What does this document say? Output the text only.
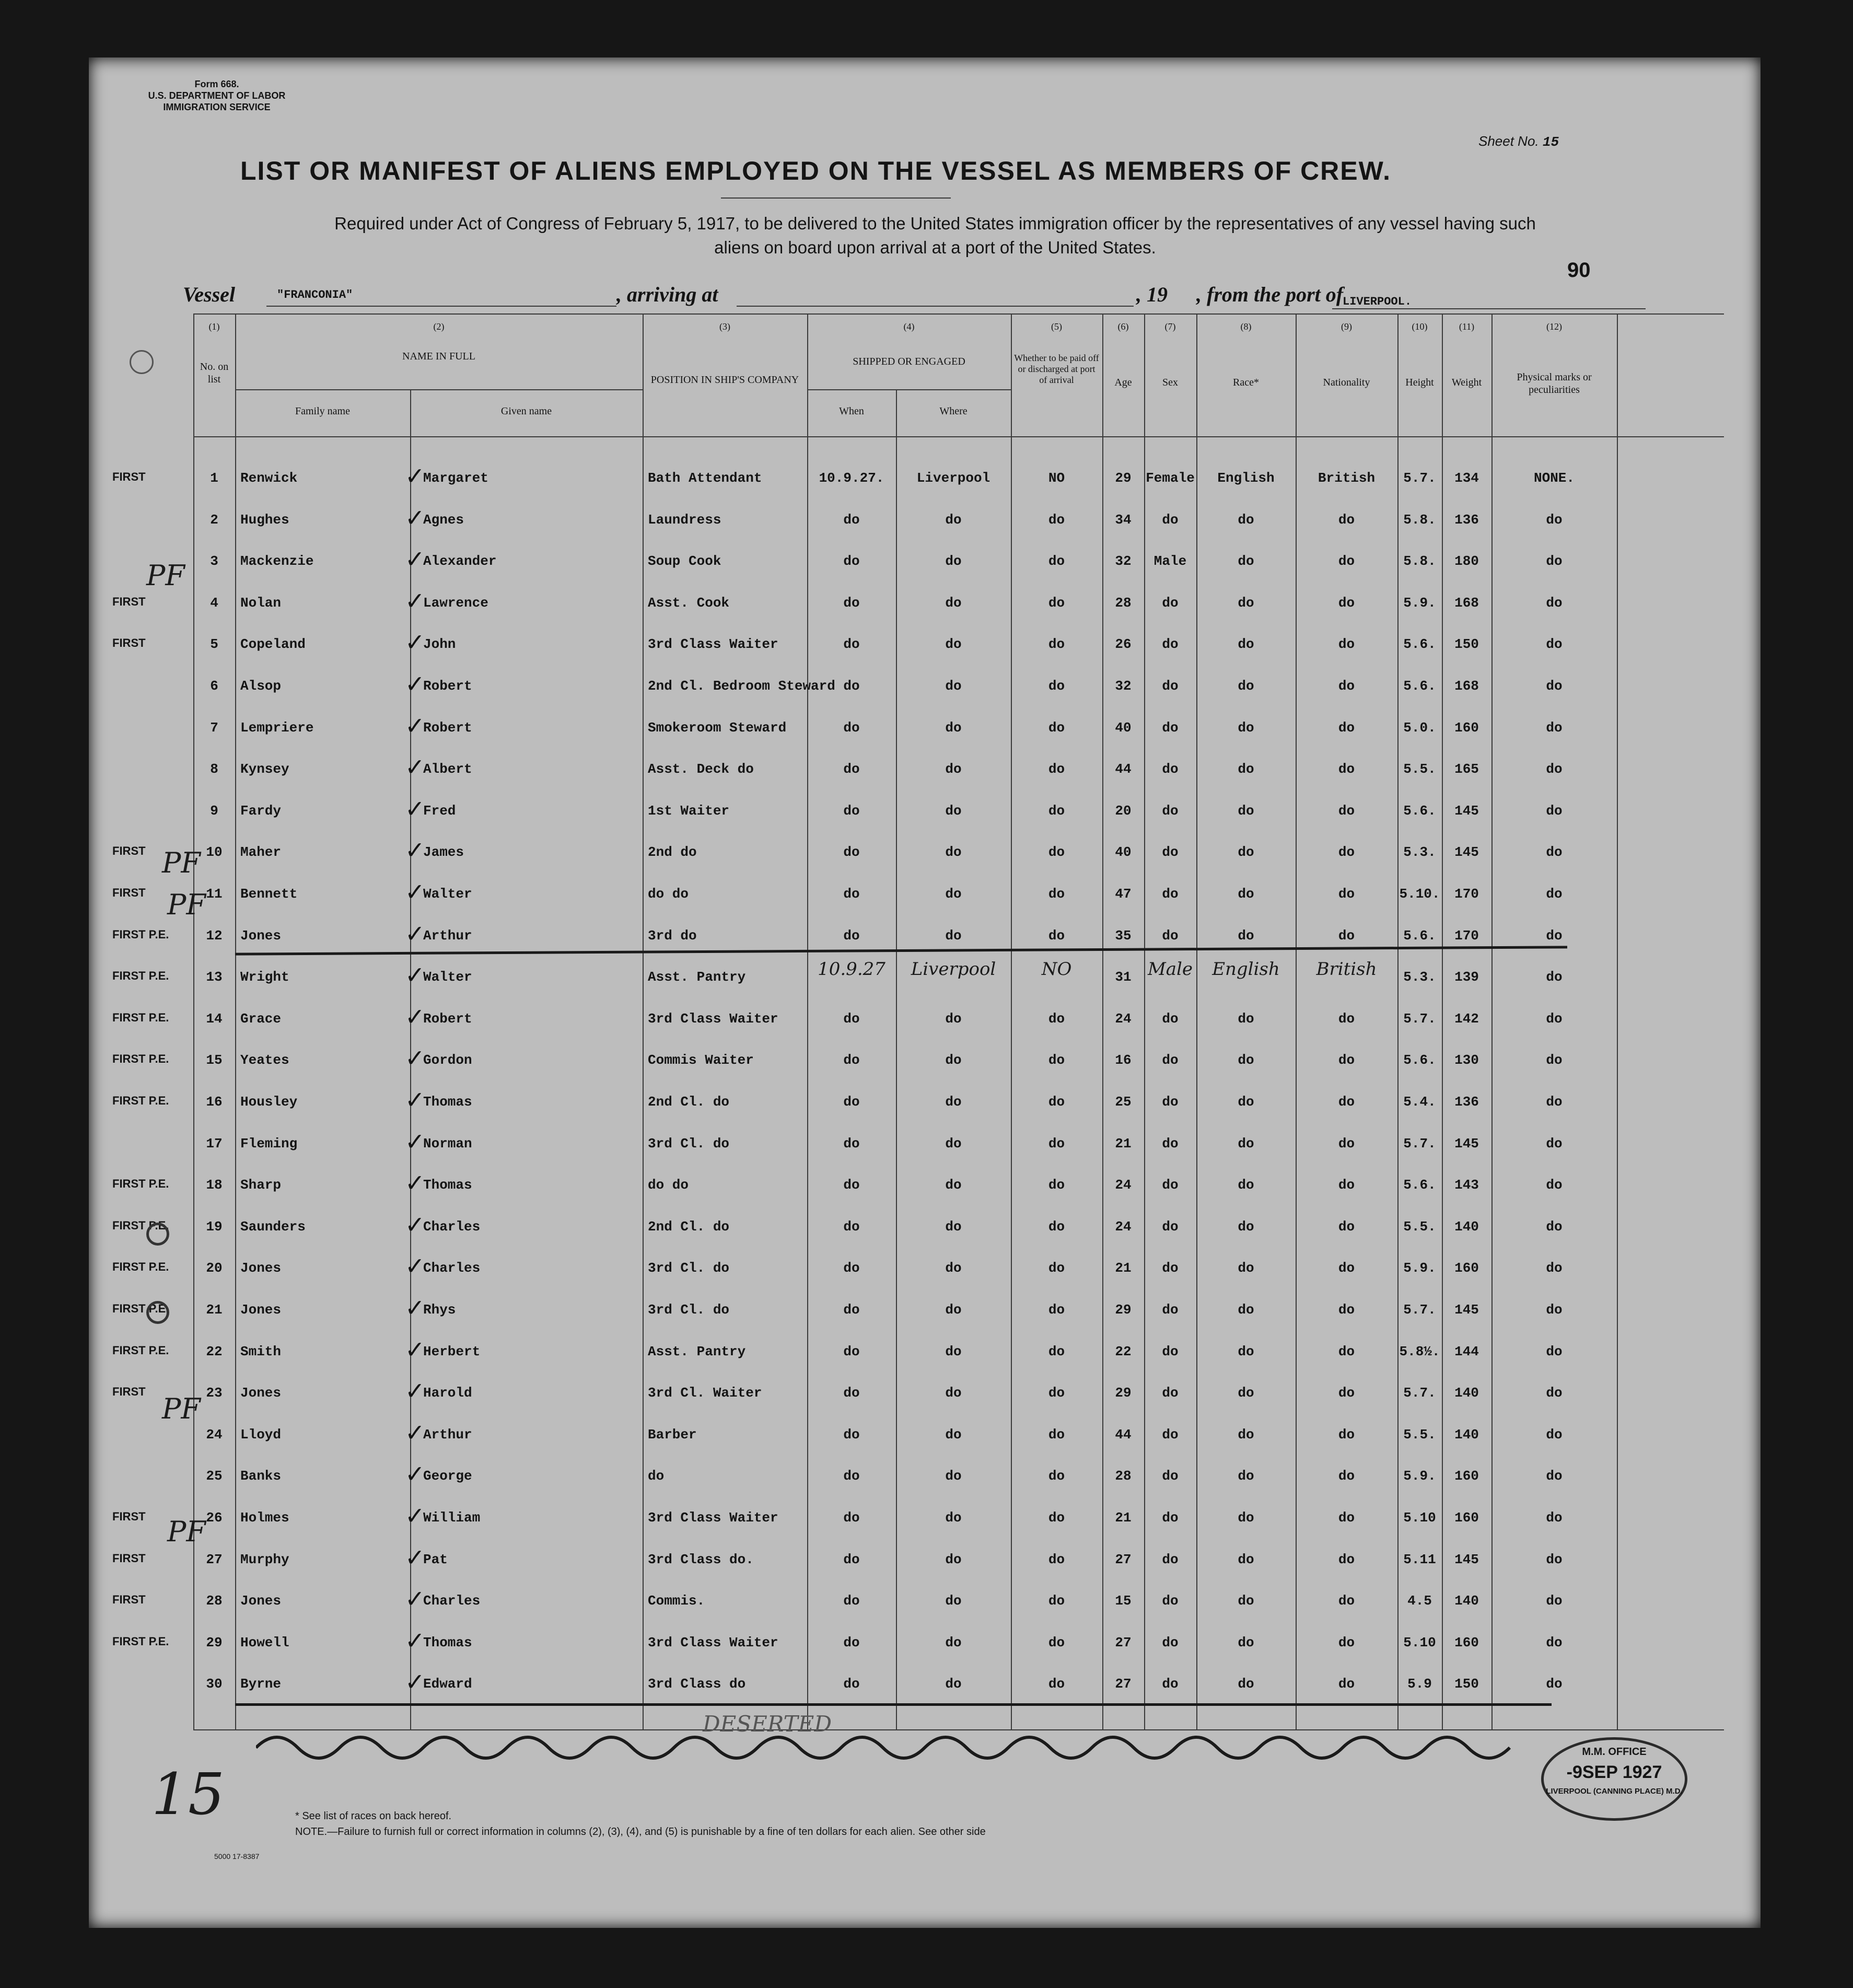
Form 668.
U.S. DEPARTMENT OF LABOR
IMMIGRATION SERVICE
Sheet No. 15
LIST OR MANIFEST OF ALIENS EMPLOYED ON THE VESSEL AS MEMBERS OF CREW.
Required under Act of Congress of February 5, 1917, to be delivered to the United States immigration officer by the representatives of any vessel having such
aliens on board upon arrival at a port of the United States.
90
Vessel	"FRANCONIA"	, arriving at	, 19 , from the port of
LIVERPOOL.
(1)
No. on list
(2)
NAME IN FULL
Family name	Given name
(3)
POSITION IN SHIP'S COMPANY
(4)
SHIPPED OR ENGAGED
When	Where
(5)
Whether to be paid off or discharged at port of arrival
(6)
Age
(7)
Sex
(8)
Race*
(9)
Nationality
(10)
Height
(11)
Weight
(12)
Physical marks or peculiarities
FIRST	1	Renwick	Margaret	Bath Attendant	10.9.27.	Liverpool	NO	29	Female	English	British	5.7.	134	NONE.
✓
2	Hughes	Agnes	Laundress	do	do	do	34	do	do	do	5.8.	136	do
✓
3	Mackenzie	Alexander	Soup Cook	do	do	do	32	Male	do	do	5.8.	180	do
✓
FIRST	4	Nolan	Lawrence	Asst. Cook	do	do	do	28	do	do	do	5.9.	168	do
✓
FIRST	5	Copeland	John	3rd Class Waiter	do	do	do	26	do	do	do	5.6.	150	do
✓
6	Alsop	Robert	2nd Cl. Bedroom Steward do	do	do	32	do	do	do	5.6.	168	do
✓
7	Lempriere	Robert	Smokeroom Steward	do	do	do	40	do	do	do	5.0.	160	do
✓
8	Kynsey	Albert	Asst. Deck do	do	do	do	44	do	do	do	5.5.	165	do
✓
9	Fardy	Fred	1st Waiter	do	do	do	20	do	do	do	5.6.	145	do
✓
FIRST	10	Maher	James	2nd do	do	do	do	40	do	do	do	5.3.	145	do
✓
FIRST	11	Bennett	Walter	do do	do	do	do	47	do	do	do	5.10.	170	do
✓
FIRST P.E.	12	Jones	Arthur	3rd do	do	do	do	35	do	do	do	5.6.	170	do
✓
FIRST P.E.	13	Wright	Walter	Asst. Pantry	10.9.27	Liverpool	NO	31 Male	English	British	5.3.	139	do
✓
FIRST P.E.	14	Grace	Robert	3rd Class Waiter	do	do	do	24	do	do	do	5.7.	142	do
✓
FIRST P.E.	15	Yeates	Gordon	Commis Waiter	do	do	do	16	do	do	do	5.6.	130	do
✓
FIRST P.E.	16	Housley	Thomas	2nd Cl. do	do	do	do	25	do	do	do	5.4.	136	do
✓
17	Fleming	Norman	3rd Cl. do	do	do	do	21	do	do	do	5.7.	145	do
✓
FIRST P.E.	18	Sharp	Thomas	do do	do	do	do	24	do	do	do	5.6.	143	do
✓
FIRST P.E.	19	Saunders	Charles	2nd Cl. do	do	do	do	24	do	do	do	5.5.	140	do
✓
FIRST P.E.	20	Jones	Charles	3rd Cl. do	do	do	do	21	do	do	do	5.9.	160	do
✓
FIRST P.E.	21	Jones	Rhys	3rd Cl. do	do	do	do	29	do	do	do	5.7.	145	do
✓
FIRST P.E.	22	Smith	Herbert	Asst. Pantry	do	do	do	22	do	do	do	5.8½.	144	do
✓
FIRST	23	Jones	Harold	3rd Cl. Waiter	do	do	do	29	do	do	do	5.7.	140	do
✓
24	Lloyd	Arthur	Barber	do	do	do	44	do	do	do	5.5.	140	do
✓
25	Banks	George	do	do	do	do	28	do	do	do	5.9.	160	do
✓
FIRST	26	Holmes	William	3rd Class Waiter	do	do	do	21	do	do	do	5.10	160	do
✓
FIRST	27	Murphy	Pat	3rd Class do.	do	do	do	27	do	do	do	5.11	145	do
✓
FIRST	28	Jones	Charles	Commis.	do	do	do	15	do	do	do	4.5	140	do
✓
FIRST P.E.	29	Howell	Thomas	3rd Class Waiter	do	do	do	27	do	do	do	5.10	160	do
✓
30	Byrne	Edward	3rd Class do	do	do	do	27	do	do	do	5.9	150	do
✓
PF
PF
PF
PF
PF
DESERTED
15	* See list of races on back hereof.
NOTE.—Failure to furnish full or correct information in columns (2), (3), (4), and (5) is punishable by a fine of ten dollars for each alien. See other side
5000 17-8387
M.M. OFFICE
-9SEP 1927
LIVERPOOL (CANNING PLACE) M.D.
